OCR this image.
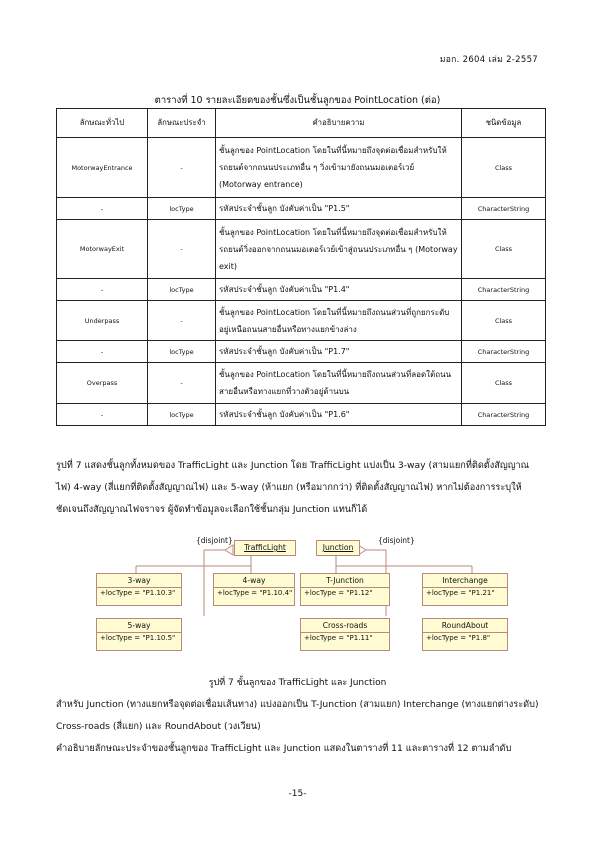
มอก. 2604 เล่ม 2-2557
ตารางที่ 10 รายละเอียดของชั้นซึ่งเป็นชั้นลูกของ PointLocation (ต่อ)
ลักษณะทั่วไป	ลักษณะประจำ	คำอธิบายความ	ชนิดข้อมูล
MotorwayEntrance	-	ชั้นลูกของ PointLocation โดยในที่นี้หมายถึงจุดต่อเชื่อมสำหรับให้รถยนต์จากถนนประเภทอื่น ๆ วิ่งเข้ามายังถนนมอเตอร์เวย์ (Motorway entrance)	Class
-	locType	รหัสประจำชั้นลูก บังคับค่าเป็น "P1.5"	CharacterString
MotorwayExit	-	ชั้นลูกของ PointLocation โดยในที่นี้หมายถึงจุดต่อเชื่อมสำหรับให้รถยนต์วิ่งออกจากถนนมอเตอร์เวย์เข้าสู่ถนนประเภทอื่น ๆ (Motorway exit)	Class
-	locType	รหัสประจำชั้นลูก บังคับค่าเป็น "P1.4"	CharacterString
Underpass	-	ชั้นลูกของ PointLocation โดยในที่นี้หมายถึงถนนส่วนที่ถูกยกระดับอยู่เหนือถนนสายอื่นหรือทางแยกข้างล่าง	Class
-	locType	รหัสประจำชั้นลูก บังคับค่าเป็น "P1.7"	CharacterString
Overpass	-	ชั้นลูกของ PointLocation โดยในที่นี้หมายถึงถนนส่วนที่ลอดใต้ถนนสายอื่นหรือทางแยกที่วางตัวอยู่ด้านบน	Class
-	locType	รหัสประจำชั้นลูก บังคับค่าเป็น "P1.6"	CharacterString
รูปที่ 7 แสดงชั้นลูกทั้งหมดของ TrafficLight และ Junction โดย TrafficLight แบ่งเป็น 3-way (สามแยกที่ติดตั้งสัญญาณไฟ) 4-way (สี่แยกที่ติดตั้งสัญญาณไฟ) และ 5-way (ห้าแยก (หรือมากกว่า) ที่ติดตั้งสัญญาณไฟ) หากไม่ต้องการระบุให้ชัดเจนถึงสัญญาณไฟจราจร ผู้จัดทำข้อมูลจะเลือกใช้ชั้นกลุ่ม Junction แทนก็ได้
{disjoint}
TrafficLight	Junction
{disjoint}
3-way
+locType = "P1.10.3"
4-way
+locType = "P1.10.4"
T-Junction
+locType = "P1.12"
Interchange
+locType = "P1.21"
5-way
+locType = "P1.10.5"
Cross-roads
+locType = "P1.11"
RoundAbout
+locType = "P1.8"
รูปที่ 7 ชั้นลูกของ TrafficLight และ Junction
สำหรับ Junction (ทางแยกหรือจุดต่อเชื่อมเส้นทาง) แบ่งออกเป็น T-Junction (สามแยก) Interchange (ทางแยกต่างระดับ) Cross-roads (สี่แยก) และ RoundAbout (วงเวียน)
คำอธิบายลักษณะประจำของชั้นลูกของ TrafficLight และ Junction แสดงในตารางที่ 11 และตารางที่ 12 ตามลำดับ
-15-
